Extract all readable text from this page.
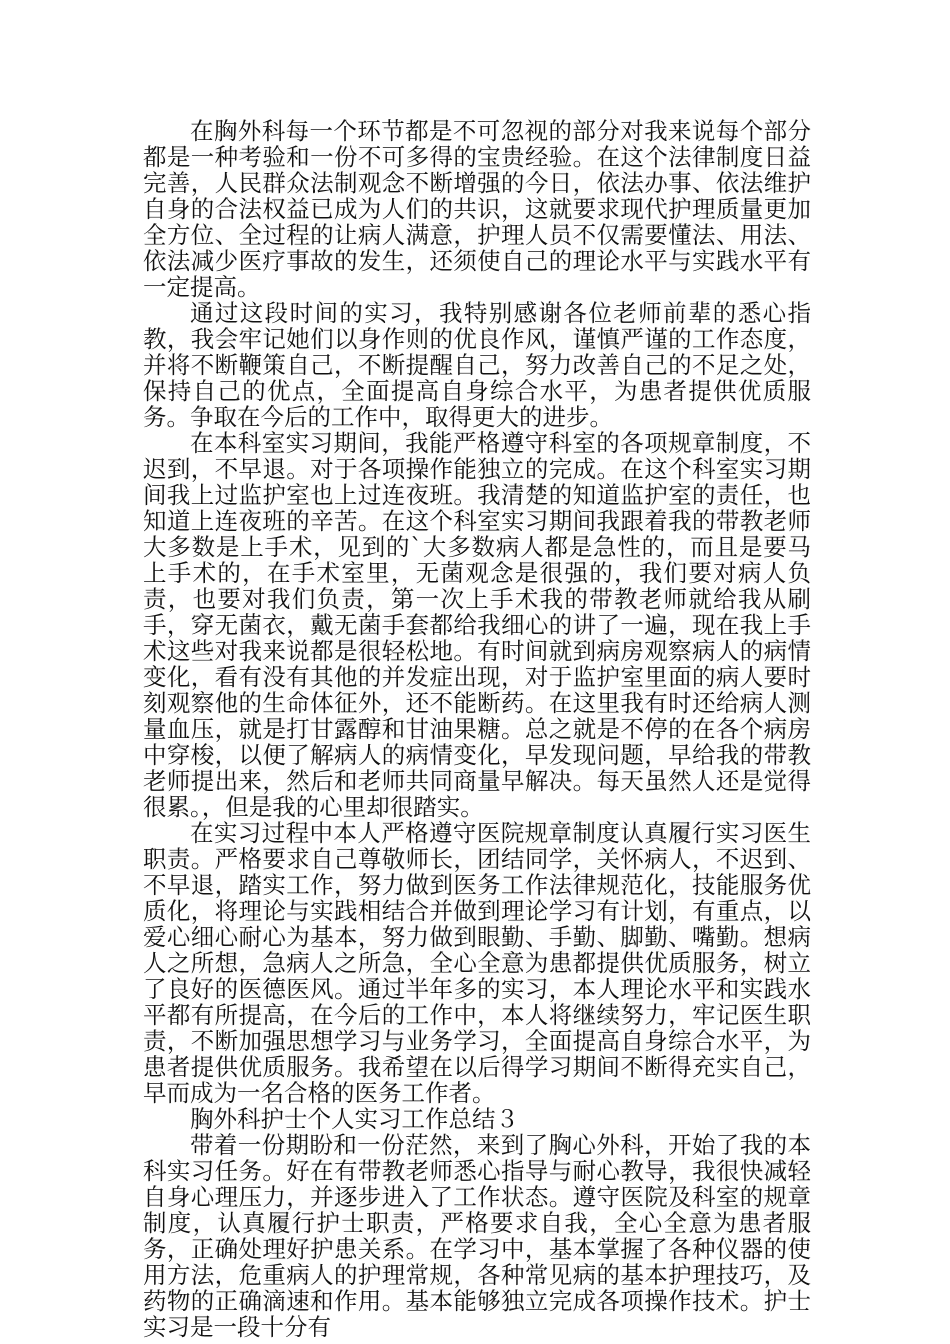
在胸外科每一个环节都是不可忽视的部分对我来说每个部分都是一种考验和一份不可多得的宝贵经验。在这个法律制度日益完善，人民群众法制观念不断增强的今日，依法办事、依法维护自身的合法权益已成为人们的共识，这就要求现代护理质量更加全方位、全过程的让病人满意，护理人员不仅需要懂法、用法、依法减少医疗事故的发生，还须使自己的理论水平与实践水平有一定提高。

通过这段时间的实习，我特别感谢各位老师前辈的悉心指教，我会牢记她们以身作则的优良作风，谨慎严谨的工作态度，并将不断鞭策自己，不断提醒自己，努力改善自己的不足之处，保持自己的优点，全面提高自身综合水平，为患者提供优质服务。争取在今后的工作中，取得更大的进步。

在本科室实习期间，我能严格遵守科室的各项规章制度，不迟到，不早退。对于各项操作能独立的完成。在这个科室实习期间我上过监护室也上过连夜班。我清楚的知道监护室的责任，也知道上连夜班的辛苦。在这个科室实习期间我跟着我的带教老师大多数是上手术，见到的`大多数病人都是急性的，而且是要马上手术的，在手术室里，无菌观念是很强的，我们要对病人负责，也要对我们负责，第一次上手术我的带教老师就给我从刷手，穿无菌衣，戴无菌手套都给我细心的讲了一遍，现在我上手术这些对我来说都是很轻松地。有时间就到病房观察病人的病情变化，看有没有其他的并发症出现，对于监护室里面的病人要时刻观察他的生命体征外，还不能断药。在这里我有时还给病人测量血压，就是打甘露醇和甘油果糖。总之就是不停的在各个病房中穿梭，以便了解病人的病情变化，早发现问题，早给我的带教老师提出来，然后和老师共同商量早解决。每天虽然人还是觉得很累。，但是我的心里却很踏实。

在实习过程中本人严格遵守医院规章制度认真履行实习医生职责。严格要求自己尊敬师长，团结同学，关怀病人，不迟到、不早退，踏实工作，努力做到医务工作法律规范化，技能服务优质化，将理论与实践相结合并做到理论学习有计划，有重点，以爱心细心耐心为基本，努力做到眼勤、手勤、脚勤、嘴勤。想病人之所想，急病人之所急，全心全意为患都提供优质服务，树立了良好的医德医风。通过半年多的实习，本人理论水平和实践水平都有所提高，在今后的工作中，本人将继续努力，牢记医生职责，不断加强思想学习与业务学习，全面提高自身综合水平，为患者提供优质服务。我希望在以后得学习期间不断得充实自己，早而成为一名合格的医务工作者。

胸外科护士个人实习工作总结３

带着一份期盼和一份茫然，来到了胸心外科，开始了我的本科实习任务。好在有带教老师悉心指导与耐心教导，我很快减轻自身心理压力，并逐步进入了工作状态。遵守医院及科室的规章制度，认真履行护士职责，严格要求自我，全心全意为患者服务，正确处理好护患关系。在学习中，基本掌握了各种仪器的使用方法，危重病人的护理常规，各种常见病的基本护理技巧，及药物的正确滴速和作用。基本能够独立完成各项操作技术。护士实习是一段十分有
